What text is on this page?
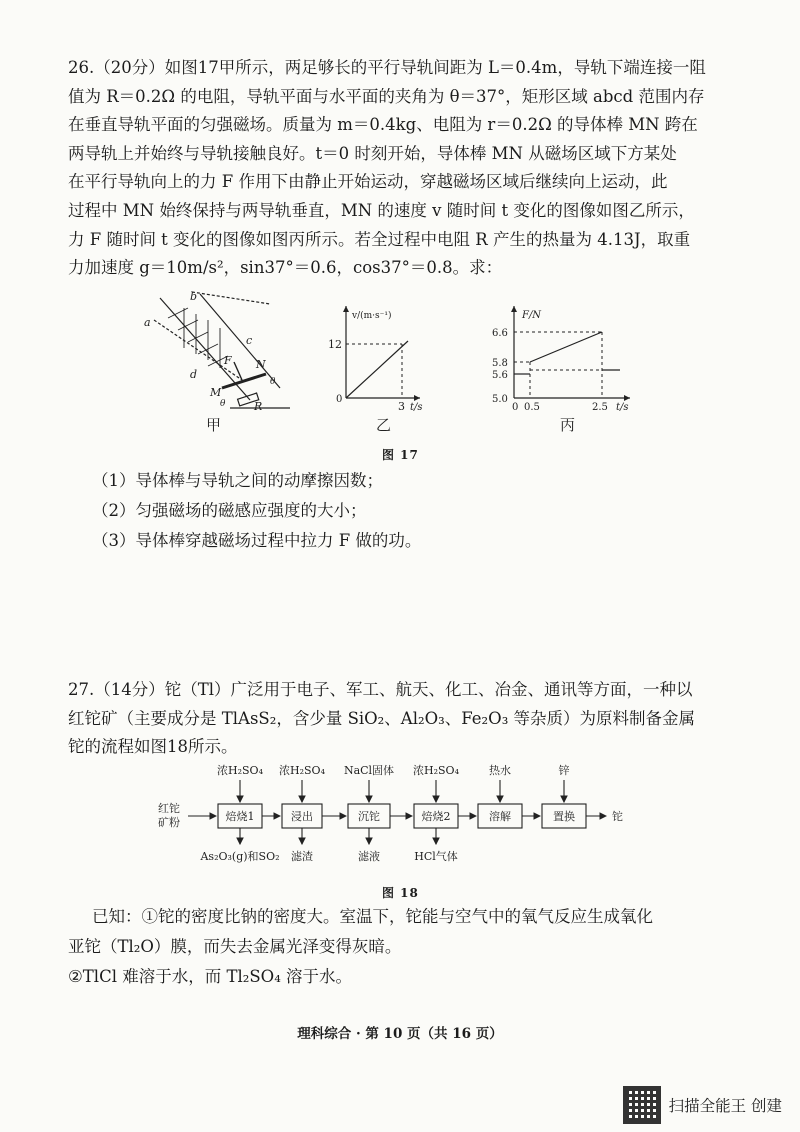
26.（20分）如图17甲所示，两足够长的平行导轨间距为 L＝0.4m，导轨下端连接一阻
值为 R＝0.2Ω 的电阻，导轨平面与水平面的夹角为 θ＝37°，矩形区域 abcd 范围内存
在垂直导轨平面的匀强磁场。质量为 m＝0.4kg、电阻为 r＝0.2Ω 的导体棒 MN 跨在
两导轨上并始终与导轨接触良好。t＝0 时刻开始，导体棒 MN 从磁场区域下方某处
在平行导轨向上的力 F 作用下由静止开始运动，穿越磁场区域后继续向上运动，此
过程中 MN 始终保持与两导轨垂直，MN 的速度 v 随时间 t 变化的图像如图乙所示，
力 F 随时间 t 变化的图像如图丙所示。若全过程中电阻 R 产生的热量为 4.13J，取重
力加速度 g＝10m/s²，sin37°＝0.6，cos37°＝0.8。求：
a
b
c
d
F N
M
θ
θ
R
v/(m·s⁻¹)
12
0
3 t/s
F/N
6.6
5.8
5.6
5.0
0 0.5	2.5 t/s
甲	乙	丙
图 17
（1）导体棒与导轨之间的动摩擦因数；
（2）匀强磁场的磁感应强度的大小；
（3）导体棒穿越磁场过程中拉力 F 做的功。
27.（14分）铊（Tl）广泛用于电子、军工、航天、化工、冶金、通讯等方面，一种以
红铊矿（主要成分是 TlAsS₂，含少量 SiO₂、Al₂O₃、Fe₂O₃ 等杂质）为原料制备金属
铊的流程如图18所示。
红铊
矿粉	焙烧1	浸出	沉铊	焙烧2	溶解	置换
浓H₂SO₄ 浓H₂SO₄ NaCl固体 浓H₂SO₄	热水	锌
As₂O₃(g)和SO₂ 滤渣	滤液	HCl气体
铊
图 18
已知：①铊的密度比钠的密度大。室温下，铊能与空气中的氧气反应生成氧化
亚铊（Tl₂O）膜，而失去金属光泽变得灰暗。
②TlCl 难溶于水，而 Tl₂SO₄ 溶于水。
理科综合 · 第 10 页（共 16 页）
扫描全能王 创建
